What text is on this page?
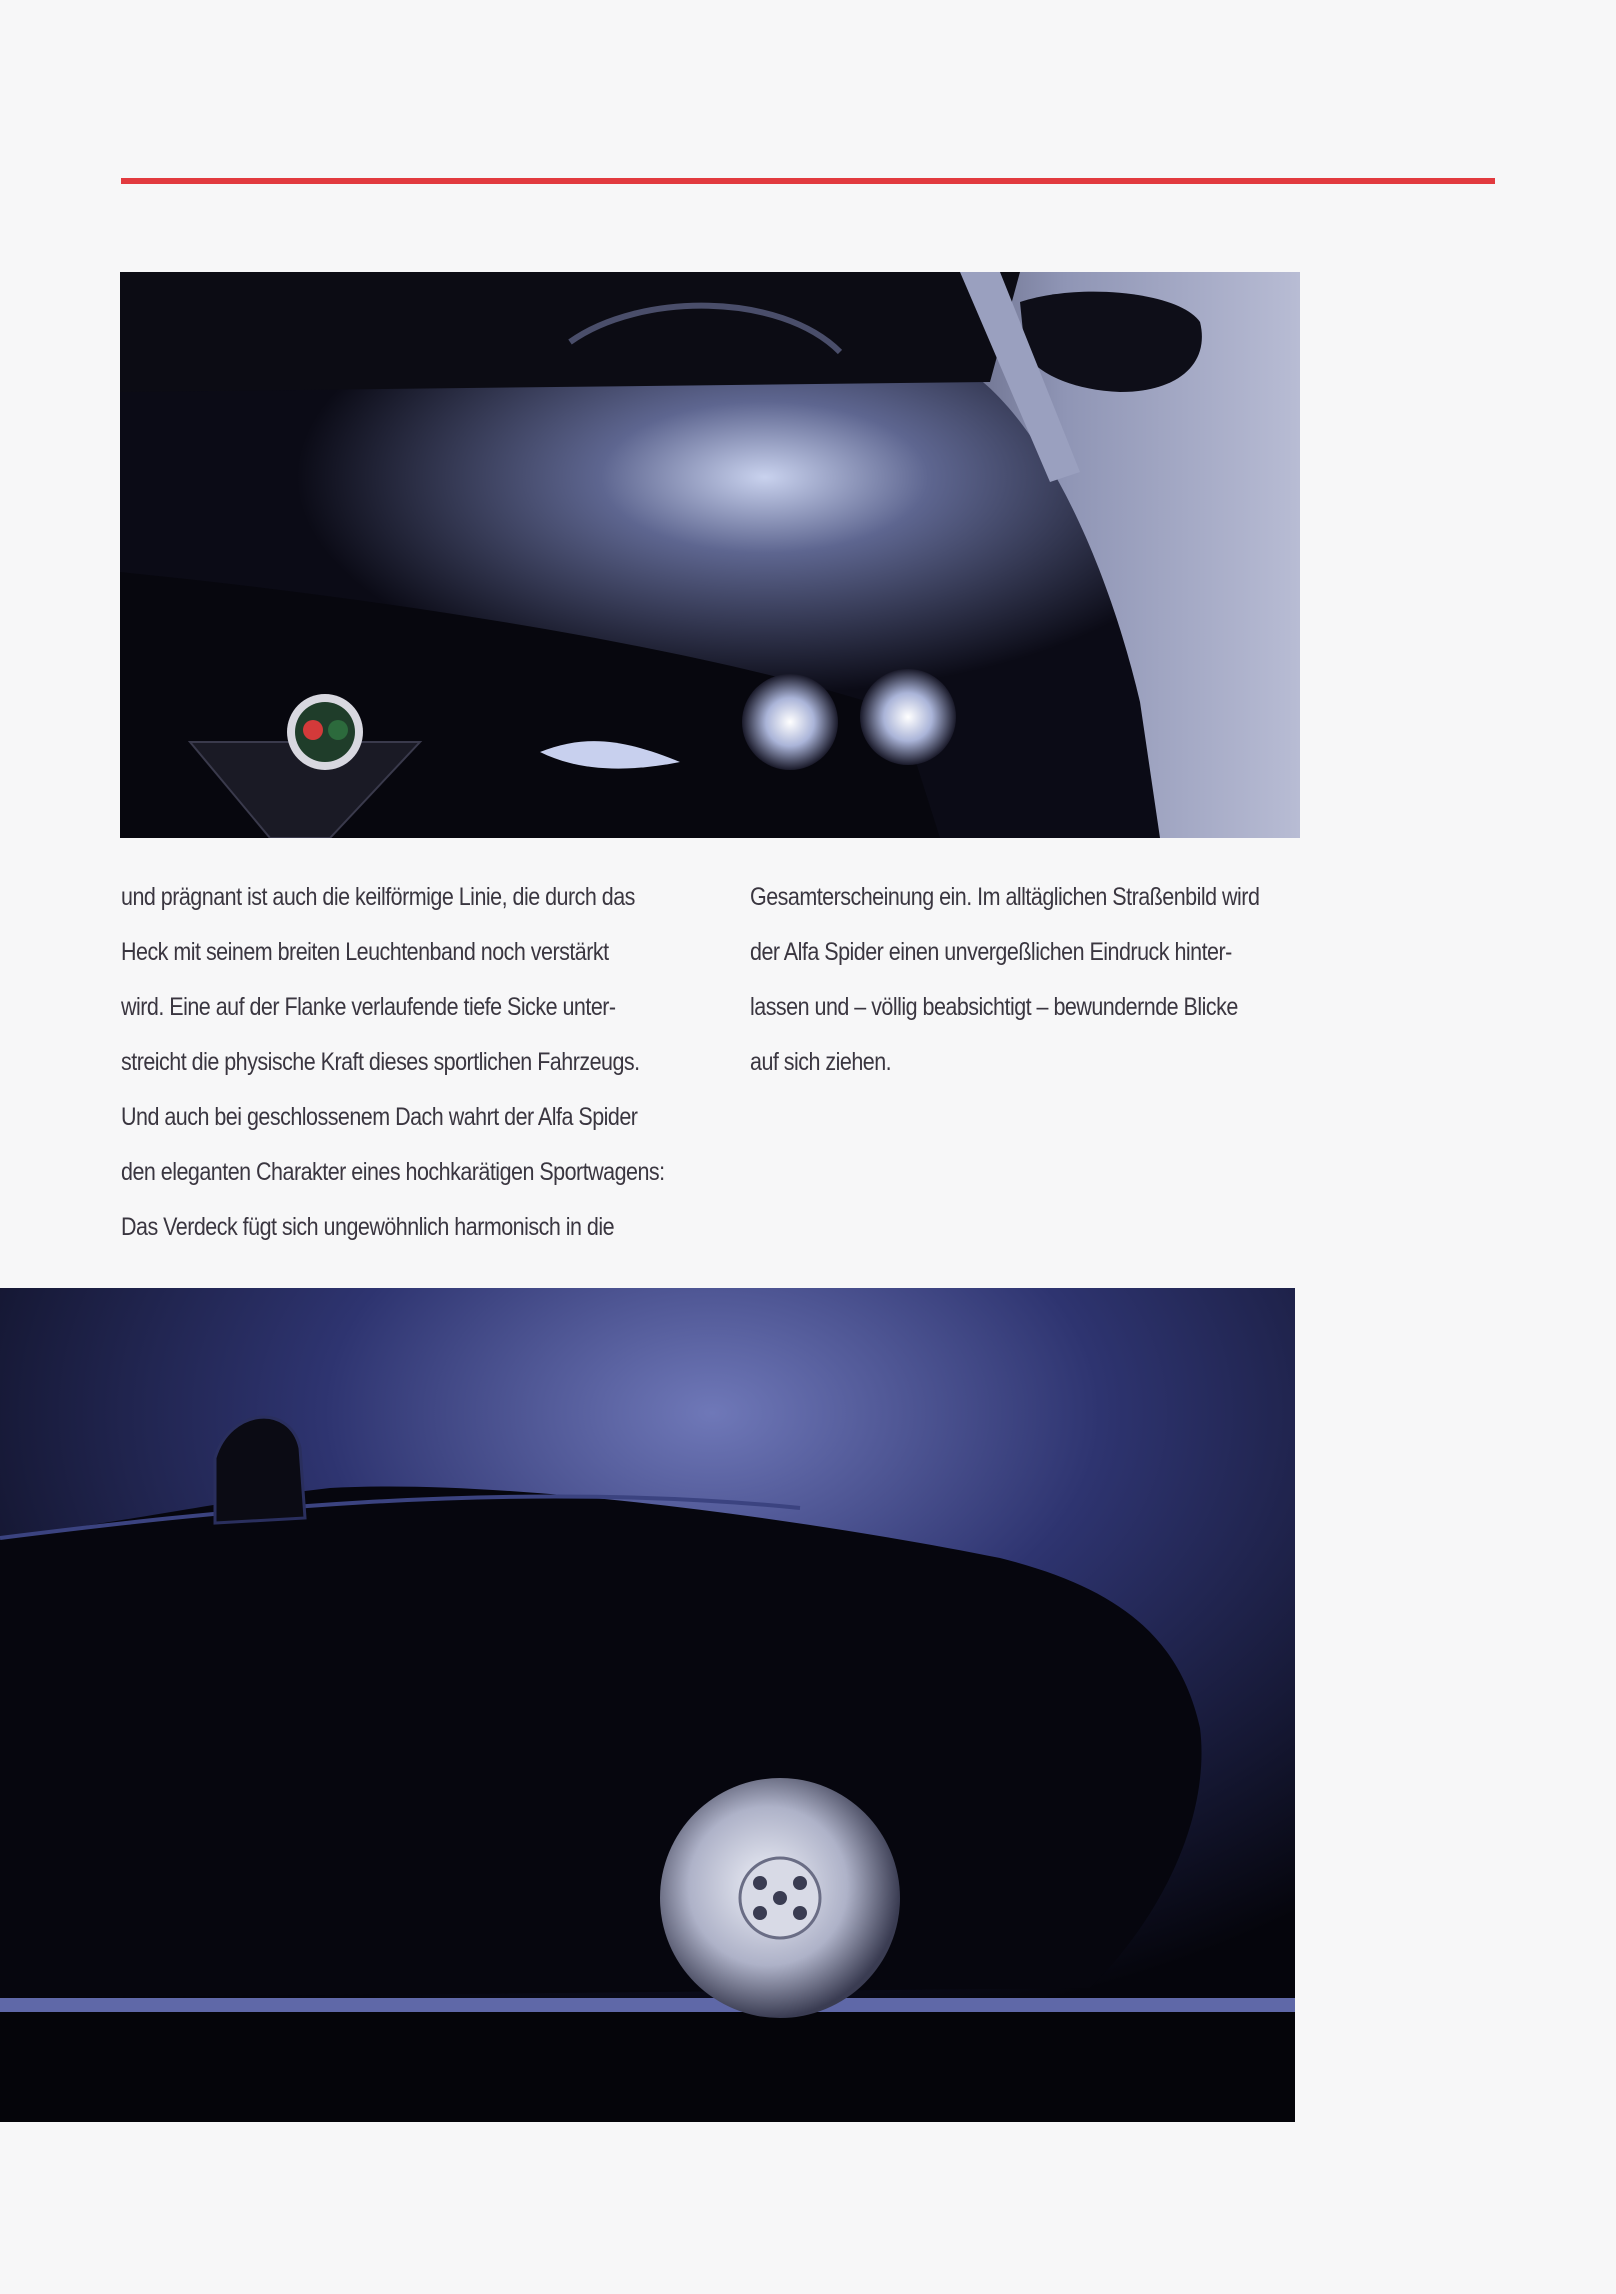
und prägnant ist auch die keilförmige Linie, die durch das

Heck mit seinem breiten Leuchtenband noch verstärkt

wird. Eine auf der Flanke verlaufende tiefe Sicke unter-

streicht die physische Kraft dieses sportlichen Fahrzeugs.

Und auch bei geschlossenem Dach wahrt der Alfa Spider

den eleganten Charakter eines hochkarätigen Sportwagens:

Das Verdeck fügt sich ungewöhnlich harmonisch in die

Gesamterscheinung ein. Im alltäglichen Straßenbild wird

der Alfa Spider einen unvergeßlichen Eindruck hinter-

lassen und – völlig beabsichtigt – bewundernde Blicke

auf sich ziehen.
